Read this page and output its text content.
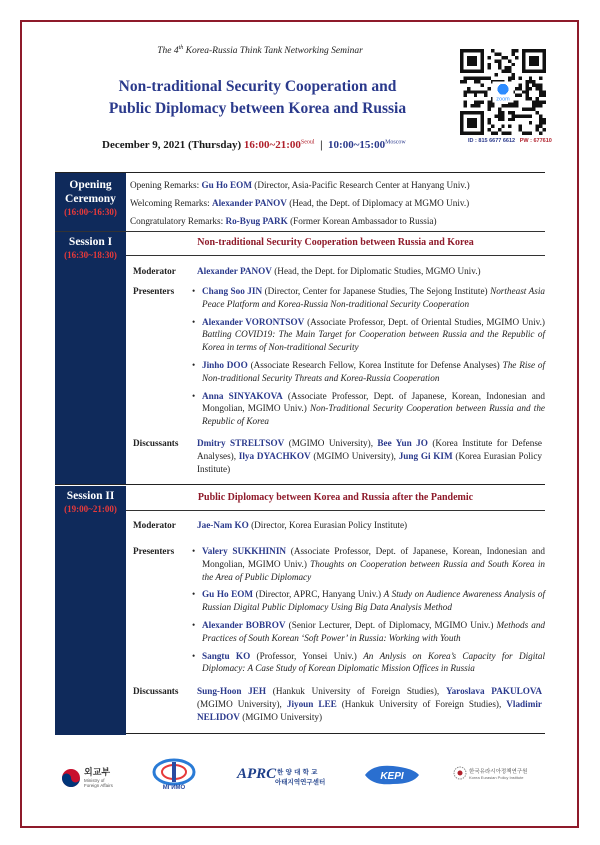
The 4th Korea-Russia Think Tank Networking Seminar
Non-traditional Security Cooperation and
Public Diplomacy between Korea and Russia
zoom
ID : 815 6677 6612 PW : 677610
December 9, 2021 (Thursday) $16:00\sim 21:00^{Seoul}$ | $10:00\sim 15:00^{Moscow}$
Opening
Ceremony
(16:00~16:30)
Opening Remarks: Gu Ho EOM (Director, Asia-Pacific Research Center at Hanyang Univ.)
Welcoming Remarks: Alexander PANOV (Head, the Dept. of Diplomacy at MGMO Univ.)
Congratulatory Remarks: Ro-Byug PARK (Former Korean Ambassador to Russia)
Session I
(16:30~18:30)
Non-traditional Security Cooperation between Russia and Korea
Moderator	Alexander PANOV (Head, the Dept. for Diplomatic Studies, MGMO Univ.)
Presenters	• Chang Soo JIN (Director, Center for Japanese Studies, The Sejong Institute) Northeast Asia Peace Platform and Korea-Russia Non-traditional Security Cooperation
• Alexander VORONTSOV (Associate Professor, Dept. of Oriental Studies, MGIMO Univ.) Battling COVID19: The Main Target for Cooperation between Russia and the Republic of Korea in terms of Non-traditional Security
• Jinho DOO (Associate Research Fellow, Korea Institute for Defense Analyses) The Rise of Non-traditional Security Threats and Korea-Russia Cooperation
• Anna SINYAKOVA (Associate Professor, Dept. of Japanese, Korean, Indonesian and Mongolian, MGIMO Univ.) Non-Traditional Security Cooperation between Russia and the Republic of Korea
Discussants	Dmitry STRELTSOV (MGIMO University), Bee Yun JO (Korea Institute for Defense Analyses), Ilya DYACHKOV (MGIMO University), Jung Gi KIM (Korea Eurasian Policy Institute)
Session II
(19:00~21:00)
Public Diplomacy between Korea and Russia after the Pandemic
Moderator	Jae-Nam KO (Director, Korea Eurasian Policy Institute)
Presenters	• Valery SUKKHININ (Associate Professor, Dept. of Japanese, Korean, Indonesian and Mongolian, MGIMO Univ.) Thoughts on Cooperation between Russia and South Korea in the Area of Public Diplomacy
• Gu Ho EOM (Director, APRC, Hanyang Univ.) A Study on Audience Awareness Analysis of Russian Digital Public Diplomacy Using Big Data Analysis Method
• Alexander BOBROV (Senior Lecturer, Dept. of Diplomacy, MGIMO Univ.) Methods and Practices of South Korean ‘Soft Power’ in Russia: Working with Youth
• Sangtu KO (Professor, Yonsei Univ.) An Anlysis on Korea’s Capacity for Digital Diplomacy: A Case Study of Korean Diplomatic Mission Offices in Russia
Discussants	Sung-Hoon JEH (Hankuk University of Foreign Studies), Yaroslava PAKULOVA (MGIMO University), Jiyoun LEE (Hankuk University of Foreign Studies), Vladimir NELIDOV (MGIMO University)
외교부
Ministry of
Foreign Affairs	МГИМО
APRC 한 양 대 학 교
아태지역연구센터	KEPI	한국유라시아정책연구원
Korea Eurasian Policy Institute
